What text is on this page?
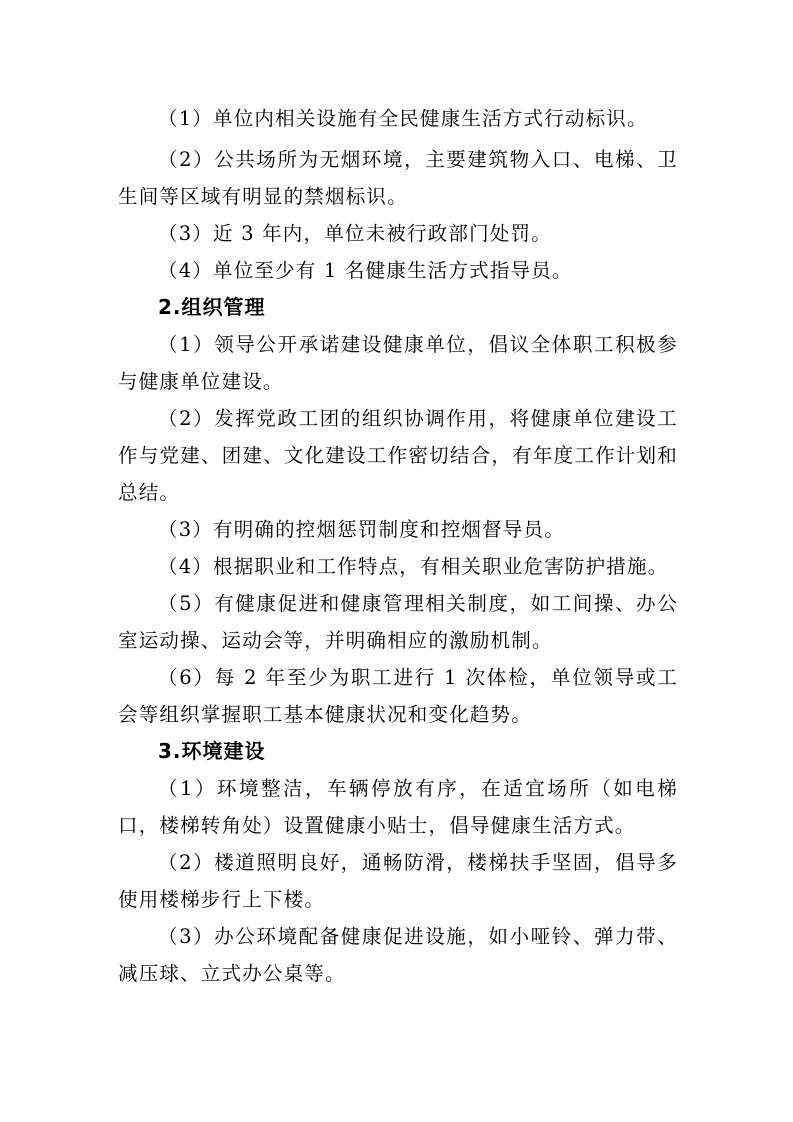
（1）单位内相关设施有全民健康生活方式行动标识。

（2）公共场所为无烟环境，主要建筑物入口、电梯、卫生间等区域有明显的禁烟标识。

（3）近 3 年内，单位未被行政部门处罚。

（4）单位至少有 1 名健康生活方式指导员。

2.组织管理

（1）领导公开承诺建设健康单位，倡议全体职工积极参与健康单位建设。

（2）发挥党政工团的组织协调作用，将健康单位建设工作与党建、团建、文化建设工作密切结合，有年度工作计划和总结。

（3）有明确的控烟惩罚制度和控烟督导员。

（4）根据职业和工作特点，有相关职业危害防护措施。

（5）有健康促进和健康管理相关制度，如工间操、办公室运动操、运动会等，并明确相应的激励机制。

（6）每 2 年至少为职工进行 1 次体检，单位领导或工会等组织掌握职工基本健康状况和变化趋势。

3.环境建设

（1）环境整洁，车辆停放有序，在适宜场所（如电梯口，楼梯转角处）设置健康小贴士，倡导健康生活方式。

（2）楼道照明良好，通畅防滑，楼梯扶手坚固，倡导多使用楼梯步行上下楼。

（3）办公环境配备健康促进设施，如小哑铃、弹力带、减压球、立式办公桌等。
